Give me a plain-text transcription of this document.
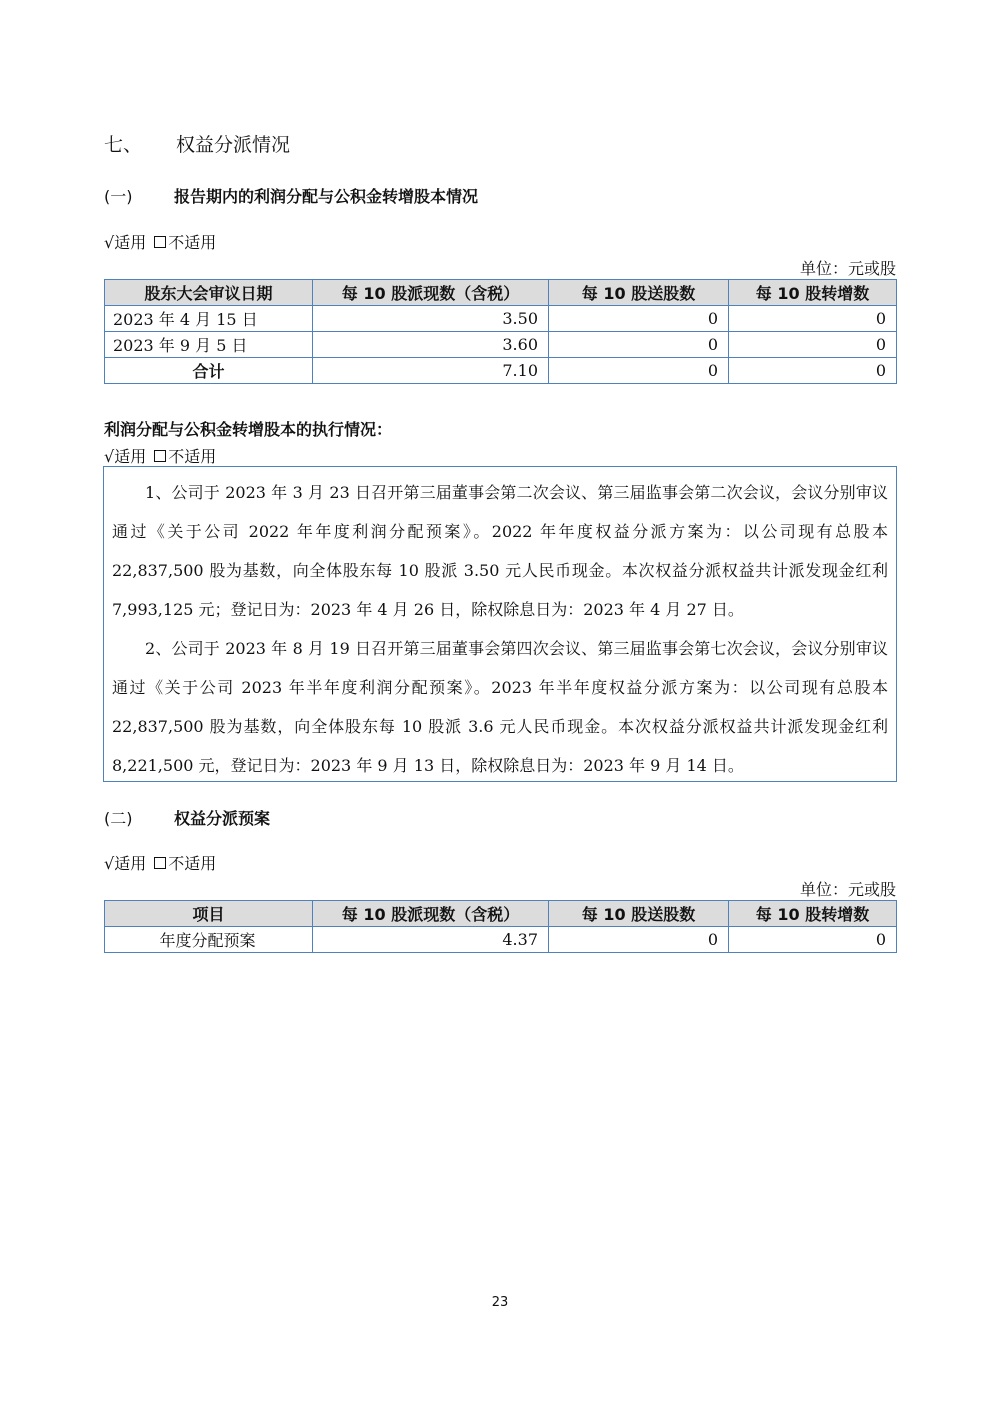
七、 权益分派情况
(一)	报告期内的利润分配与公积金转增股本情况
√适用 不适用
单位：元或股
股东大会审议日期	每 10 股派现数（含税）	每 10 股送股数	每 10 股转增数
2023 年 4 月 15 日	3.50	0	0
2023 年 9 月 5 日	3.60	0	0
合计	7.10	0	0
利润分配与公积金转增股本的执行情况：
√适用 不适用

1、公司于 2023 年 3 月 23 日召开第三届董事会第二次会议、第三届监事会第二次会议，会议分别审议通过《关于公司 2022 年年度利润分配预案》。2022 年年度权益分派方案为：以公司现有总股本 22,837,500 股为基数，向全体股东每 10 股派 3.50 元人民币现金。本次权益分派权益共计派发现金红利 7,993,125 元；登记日为：2023 年 4 月 26 日，除权除息日为：2023 年 4 月 27 日。

2、公司于 2023 年 8 月 19 日召开第三届董事会第四次会议、第三届监事会第七次会议，会议分别审议通过《关于公司 2023 年半年度利润分配预案》。2023 年半年度权益分派方案为：以公司现有总股本 22,837,500 股为基数，向全体股东每 10 股派 3.6 元人民币现金。本次权益分派权益共计派发现金红利 8,221,500 元，登记日为：2023 年 9 月 13 日，除权除息日为：2023 年 9 月 14 日。

(二)	权益分派预案
√适用 不适用
单位：元或股
项目	每 10 股派现数（含税）	每 10 股送股数	每 10 股转增数
年度分配预案	4.37	0	0
23
